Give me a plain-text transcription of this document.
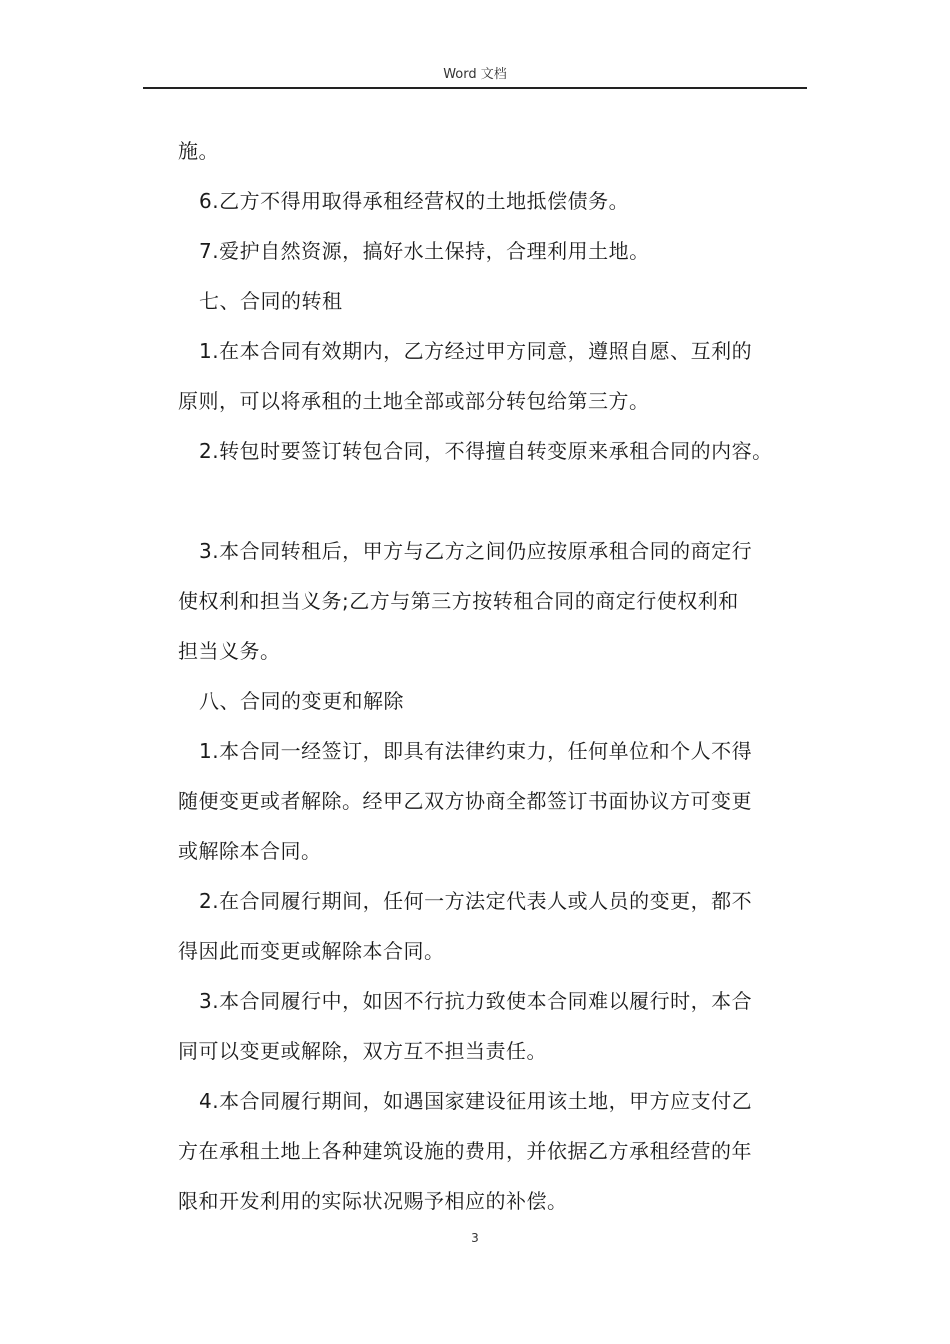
Word 文档

施。

6.乙方不得用取得承租经营权的土地抵偿债务。

7.爱护自然资源，搞好水土保持，合理利用土地。

七、合同的转租

1.在本合同有效期内，乙方经过甲方同意，遵照自愿、互利的

原则，可以将承租的土地全部或部分转包给第三方。

2.转包时要签订转包合同，不得擅自转变原来承租合同的内容。

3.本合同转租后，甲方与乙方之间仍应按原承租合同的商定行

使权利和担当义务;乙方与第三方按转租合同的商定行使权利和

担当义务。

八、合同的变更和解除

1.本合同一经签订，即具有法律约束力，任何单位和个人不得

随便变更或者解除。经甲乙双方协商全都签订书面协议方可变更

或解除本合同。

2.在合同履行期间，任何一方法定代表人或人员的变更，都不

得因此而变更或解除本合同。

3.本合同履行中，如因不行抗力致使本合同难以履行时，本合

同可以变更或解除，双方互不担当责任。

4.本合同履行期间，如遇国家建设征用该土地，甲方应支付乙

方在承租土地上各种建筑设施的费用，并依据乙方承租经营的年

限和开发利用的实际状况赐予相应的补偿。

3
